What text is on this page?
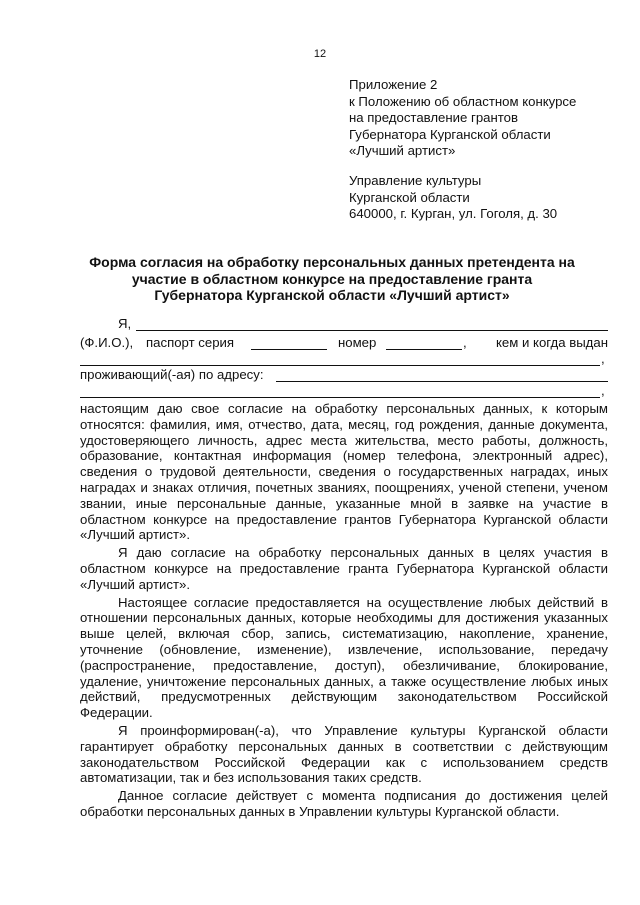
12
Приложение 2
к Положению об областном конкурсе
на предоставление грантов
Губернатора Курганской области
«Лучший артист»
Управление культуры
Курганской области
640000, г. Курган, ул. Гоголя, д. 30
Форма согласия на обработку персональных данных претендента на
участие в областном конкурсе на предоставление гранта
Губернатора Курганской области «Лучший артист»
Я,
(Ф.И.О.), паспорт серия	номер	, кем и когда выдан
,
проживающий(-ая) по адресу:
,

настоящим даю свое согласие на обработку персональных данных, к которым относятся: фамилия, имя, отчество, дата, месяц, год рождения, данные документа, удостоверяющего личность, адрес места жительства, место работы, должность, образование, контактная информация (номер телефона, электронный адрес), сведения о трудовой деятельности, сведения о государственных наградах, иных наградах и знаках отличия, почетных званиях, поощрениях, ученой степени, ученом звании, иные персональные данные, указанные мной в заявке на участие в областном конкурсе на предоставление грантов Губернатора Курганской области «Лучший артист».

Я даю согласие на обработку персональных данных в целях участия в областном конкурсе на предоставление гранта Губернатора Курганской области «Лучший артист».

Настоящее согласие предоставляется на осуществление любых действий в отношении персональных данных, которые необходимы для достижения указанных выше целей, включая сбор, запись, систематизацию, накопление, хранение, уточнение (обновление, изменение), извлечение, использование, передачу (распространение, предоставление, доступ), обезличивание, блокирование, удаление, уничтожение персональных данных, а также осуществление любых иных действий, предусмотренных действующим законодательством Российской Федерации.

Я проинформирован(-а), что Управление культуры Курганской области гарантирует обработку персональных данных в соответствии с действующим законодательством Российской Федерации как с использованием средств автоматизации, так и без использования таких средств.

Данное согласие действует с момента подписания до достижения целей обработки персональных данных в Управлении культуры Курганской области.
